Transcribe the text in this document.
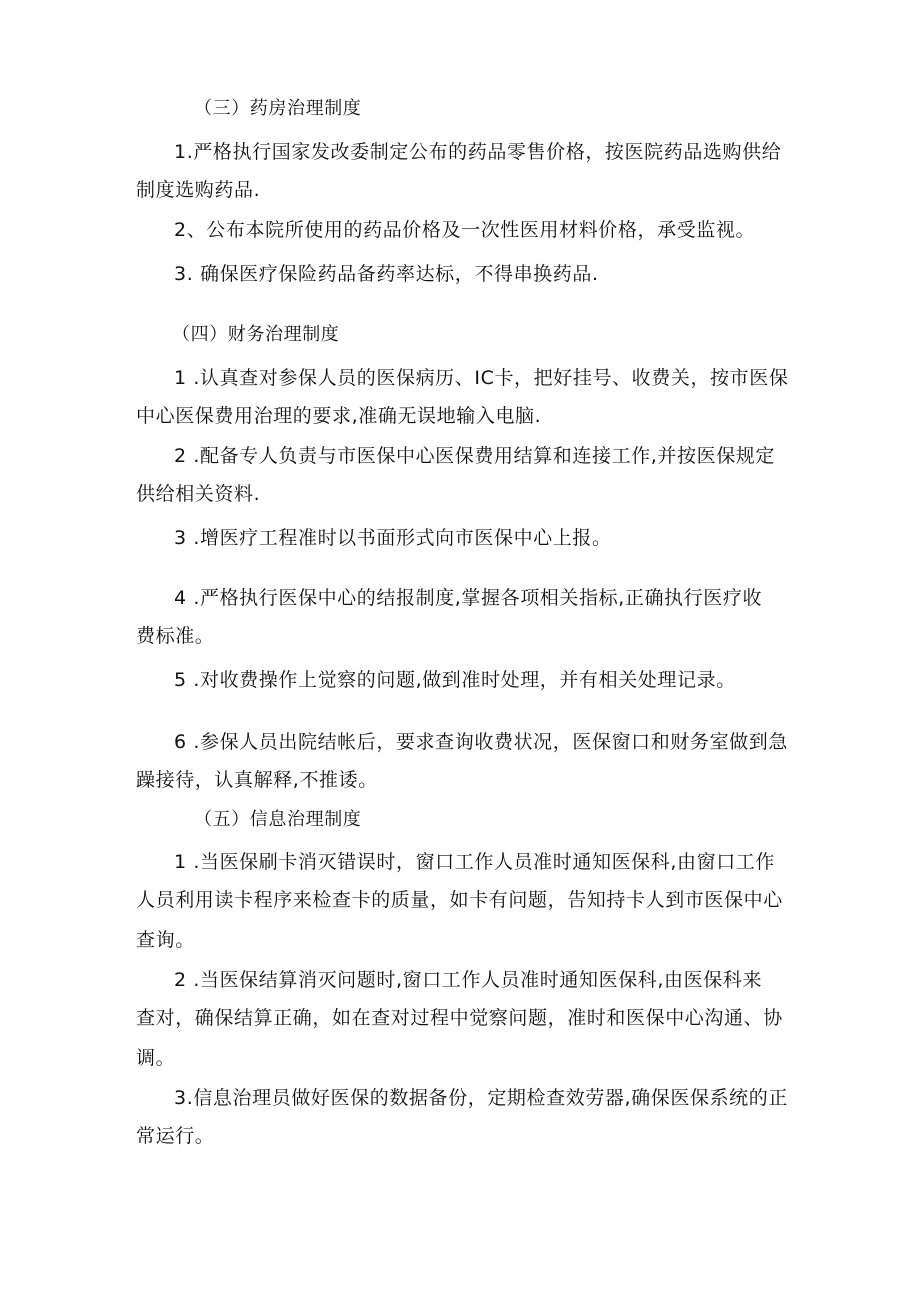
（三）药房治理制度
1.严格执行国家发改委制定公布的药品零售价格，按医院药品选购供给
制度选购药品.
2、公布本院所使用的药品价格及一次性医用材料价格，承受监视。
3. 确保医疗保险药品备药率达标，不得串换药品.
（四）财务治理制度
1 .认真查对参保人员的医保病历、IC卡，把好挂号、收费关，按市医保
中心医保费用治理的要求,准确无误地输入电脑.
2 .配备专人负责与市医保中心医保费用结算和连接工作,并按医保规定
供给相关资料.
3 .增医疗工程准时以书面形式向市医保中心上报。
4 .严格执行医保中心的结报制度,掌握各项相关指标,正确执行医疗收
费标准。
5 .对收费操作上觉察的问题,做到准时处理，并有相关处理记录。
6 .参保人员出院结帐后，要求查询收费状况，医保窗口和财务室做到急
躁接待，认真解释,不推诿。
（五）信息治理制度
1 .当医保刷卡消灭错误时，窗口工作人员准时通知医保科,由窗口工作
人员利用读卡程序来检查卡的质量，如卡有问题，告知持卡人到市医保中心
查询。
2 .当医保结算消灭问题时,窗口工作人员准时通知医保科,由医保科来
查对，确保结算正确，如在查对过程中觉察问题，准时和医保中心沟通、协
调。
3.信息治理员做好医保的数据备份，定期检查效劳器,确保医保系统的正
常运行。
